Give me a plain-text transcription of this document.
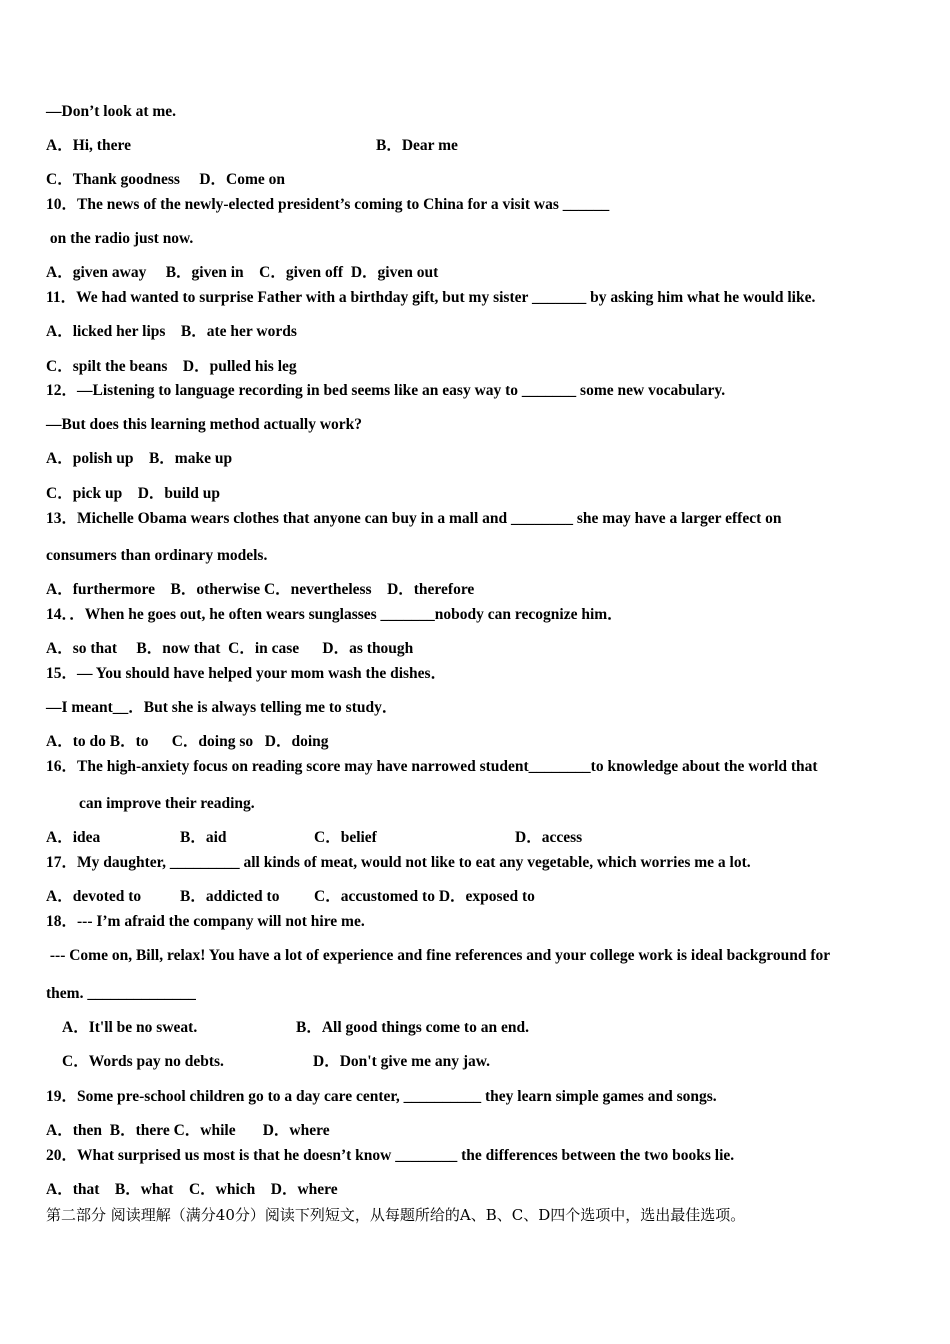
—Don’t look at me.
A．Hi, there	B．Dear me
C．Thank goodness     D．Come on
10．The news of the newly-elected president’s coming to China for a visit was ______
on the radio just now.
A．given away     B．given in    C．given off  D．given out
11．We had wanted to surprise Father with a birthday gift, but my sister _______ by asking him what he would like.
A．licked her lips    B．ate her words
C．spilt the beans    D．pulled his leg
12．—Listening to language recording in bed seems like an easy way to _______ some new vocabulary.
—But does this learning method actually work?
A．polish up    B．make up
C．pick up    D．build up
13．Michelle Obama wears clothes that anyone can buy in a mall and ________ she may have a larger effect on
consumers than ordinary models.
A．furthermore    B．otherwise C．nevertheless    D．therefore
14．．When he goes out, he often wears sunglasses _______nobody can recognize him．
A．so that     B．now that  C．in case      D．as though
15．— You should have helped your mom wash the dishes．
—I meant__．But she is always telling me to study．
A．to do B．to      C．doing so   D．doing
16．The high-anxiety focus on reading score may have narrowed student________to knowledge about the world that
can improve their reading.
A．idea	B．aid	C．belief	D．access
17．My daughter, _________ all kinds of meat, would not like to eat any vegetable, which worries me a lot.
A．devoted to	B．addicted to C．accustomed to D．exposed to
18．--- I’m afraid the company will not hire me.
--- Come on, Bill, relax! You have a lot of experience and fine references and your college work is ideal background for
them. ______________
A．It'll be no sweat.	B．All good things come to an end.
C．Words pay no debts.	D．Don't give me any jaw.
19．Some pre-school children go to a day care center, __________ they learn simple games and songs.
A．then  B．there C．while       D．where
20．What surprised us most is that he doesn’t know ________ the differences between the two books lie.
A．that    B．what    C．which    D．where
第二部分 阅读理解（满分40分）阅读下列短文，从每题所给的A、B、C、D四个选项中，选出最佳选项。
